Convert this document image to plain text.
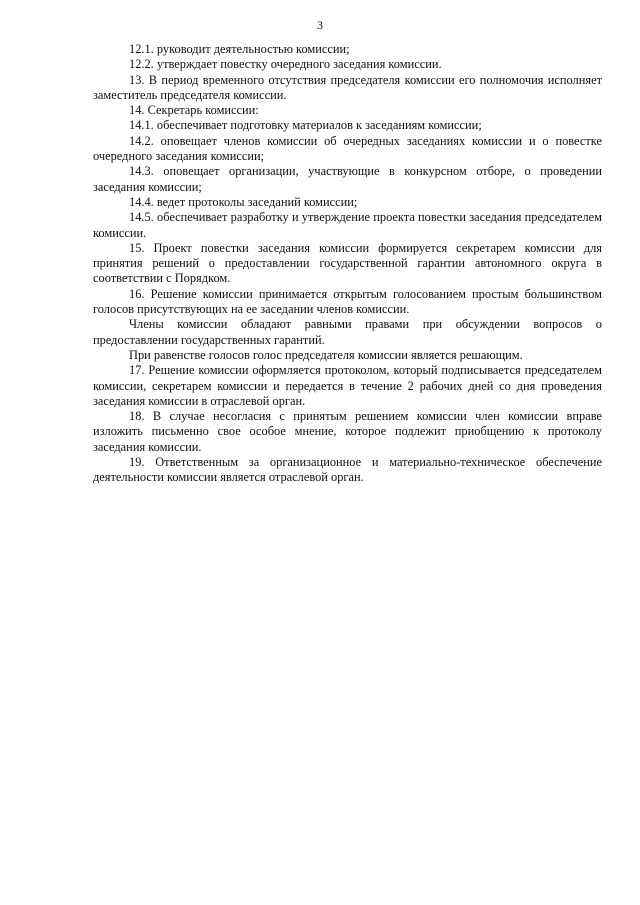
3

12.1. руководит деятельностью комиссии;

12.2. утверждает повестку очередного заседания комиссии.

13. В период временного отсутствия председателя комиссии его полномочия исполняет заместитель председателя комиссии.

14. Секретарь комиссии:

14.1. обеспечивает подготовку материалов к заседаниям комиссии;

14.2. оповещает членов комиссии об очередных заседаниях комиссии и о повестке очередного заседания комиссии;

14.3. оповещает организации, участвующие в конкурсном отборе, о проведении заседания комиссии;

14.4. ведет протоколы заседаний комиссии;

14.5. обеспечивает разработку и утверждение проекта повестки заседания председателем комиссии.

15. Проект повестки заседания комиссии формируется секретарем комиссии для принятия решений о предоставлении государственной гарантии автономного округа в соответствии с Порядком.

16. Решение комиссии принимается открытым голосованием простым большинством голосов присутствующих на ее заседании членов комиссии.

Члены комиссии обладают равными правами при обсуждении вопросов о предоставлении государственных гарантий.

При равенстве голосов голос председателя комиссии является решающим.

17. Решение комиссии оформляется протоколом, который подписывается председателем комиссии, секретарем комиссии и передается в течение 2 рабочих дней со дня проведения заседания комиссии в отраслевой орган.

18. В случае несогласия с принятым решением комиссии член комиссии вправе изложить письменно свое особое мнение, которое подлежит приобщению к протоколу заседания комиссии.

19. Ответственным за организационное и материально-техническое обеспечение деятельности комиссии является отраслевой орган.
